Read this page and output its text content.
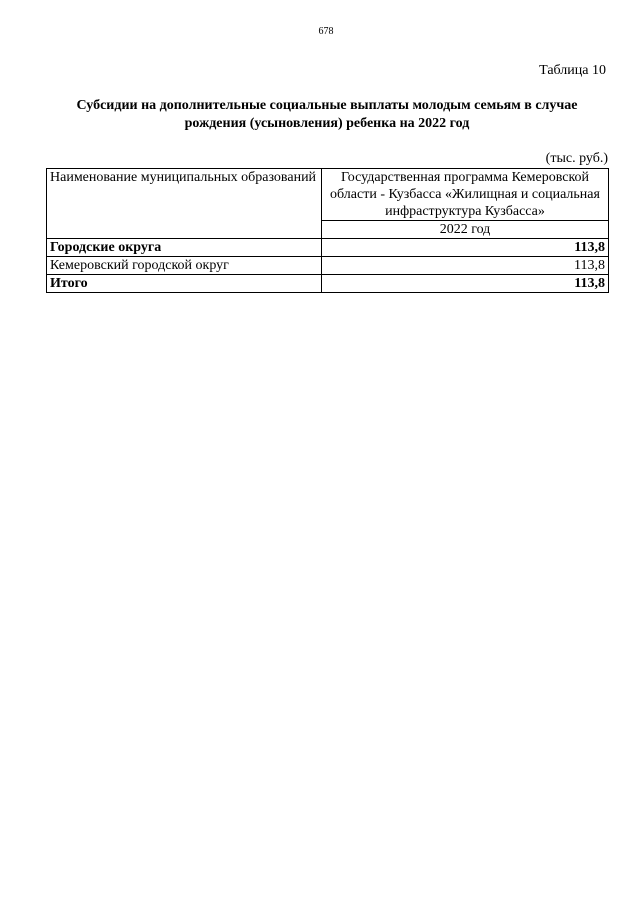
678
Таблица 10
Субсидии на дополнительные социальные выплаты молодым семьям в случае
рождения (усыновления) ребенка на 2022 год
(тыс. руб.)
Наименование муниципальных образований	Государственная программа Кемеровской области - Кузбасса «Жилищная и социальная инфраструктура Кузбасса»
	2022 год
Городские округа	113,8
Кемеровский городской округ	113,8
Итого	113,8
